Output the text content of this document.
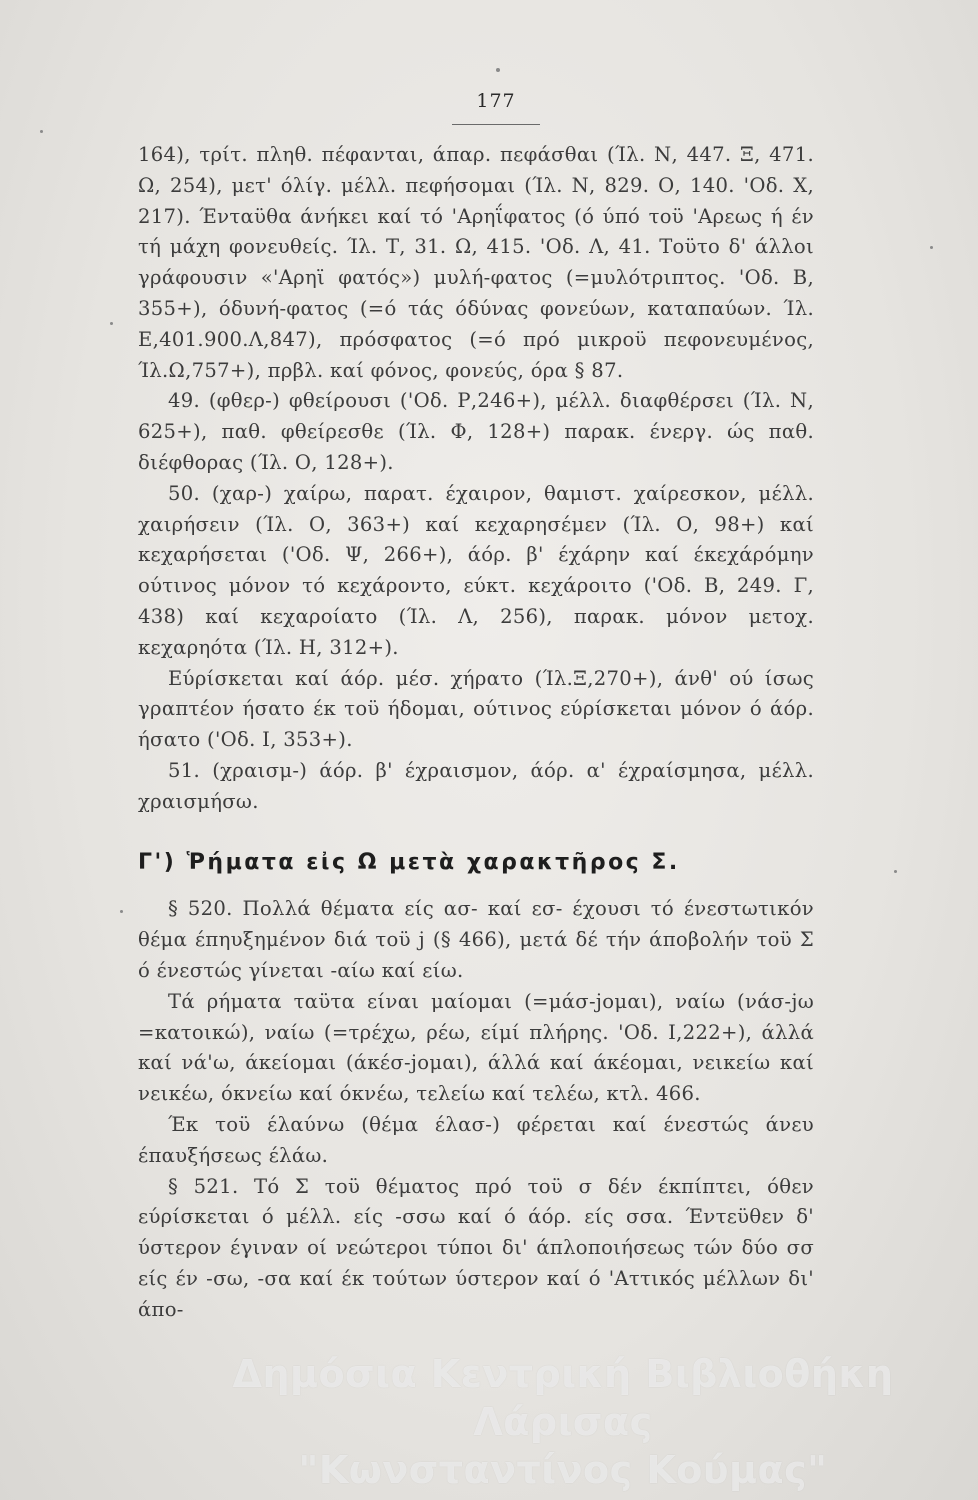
177

164), τρίτ. πληθ. πέφανται, άπαρ. πεφάσθαι (Ίλ. Ν, 447. Ξ, 471. Ω, 254), μετ' όλίγ. μέλλ. πεφήσομαι (Ίλ. Ν, 829. Ο, 140. 'Οδ. Χ, 217). Ένταϋθα άνήκει καί τό 'Αρηΐφατος (ό ύπό τοϋ 'Αρεως ή έν τή μάχη φονευθείς. Ίλ. Τ, 31. Ω, 415. 'Οδ. Λ, 41. Τοϋτο δ' άλλοι γράφουσιν «'Αρηϊ φατός») μυλή-φατος (=μυλότριπτος. 'Οδ. Β, 355+), όδυνή-φατος (=ό τάς όδύνας φονεύων, καταπαύων. Ίλ. Ε,401.900.Λ,847), πρόσφατος (=ό πρό μικροϋ πεφονευμένος, Ίλ.Ω,757+), πρβλ. καί φόνος, φονεύς, όρα § 87.

49. (φθερ-) φθείρουσι ('Οδ. Ρ,246+), μέλλ. διαφθέρσει (Ίλ. Ν, 625+), παθ. φθείρεσθε (Ίλ. Φ, 128+) παρακ. ένεργ. ώς παθ. διέφθορας (Ίλ. Ο, 128+).

50. (χαρ-) χαίρω, παρατ. έχαιρον, θαμιστ. χαίρεσκον, μέλλ. χαιρήσειν (Ίλ. Ο, 363+) καί κεχαρησέμεν (Ίλ. Ο, 98+) καί κεχαρήσεται ('Οδ. Ψ, 266+), άόρ. β' έχάρην καί έκεχάρόμην ούτινος μόνον τό κεχάροντο, εύκτ. κεχάροιτο ('Οδ. Β, 249. Γ, 438) καί κεχαροίατο (Ίλ. Λ, 256), παρακ. μόνον μετοχ. κεχαρηότα (Ίλ. Η, 312+).

Εύρίσκεται καί άόρ. μέσ. χήρατο (Ίλ.Ξ,270+), άνθ' ού ίσως γραπτέον ήσατο έκ τοϋ ήδομαι, ούτινος εύρίσκεται μόνον ό άόρ. ήσατο ('Οδ. Ι, 353+).

51. (χραισμ-) άόρ. β' έχραισμον, άόρ. α' έχραίσμησα, μέλλ. χραισμήσω.

Γ') Ῥήματα εἰς Ω μετὰ χαρακτῆρος Σ.

§ 520. Πολλά θέματα είς ασ- καί εσ- έχουσι τό ένεστωτικόν θέμα έπηυξημένον διά τοϋ j (§ 466), μετά δέ τήν άποβολήν τοϋ Σ ό ένεστώς γίνεται -αίω καί είω.

Τά ρήματα ταϋτα είναι μαίομαι (=μάσ-jομαι), ναίω (νάσ-jω =κατοικώ), ναίω (=τρέχω, ρέω, είμί πλήρης. 'Οδ. Ι,222+), άλλά καί νά'ω, άκείομαι (άκέσ-jομαι), άλλά καί άκέομαι, νεικείω καί νεικέω, όκνείω καί όκνέω, τελείω καί τελέω, κτλ. 466.

Έκ τοϋ έλαύνω (θέμα έλασ-) φέρεται καί ένεστώς άνευ έπαυξήσεως έλάω.

§ 521. Τό Σ τοϋ θέματος πρό τοϋ σ δέν έκπίπτει, όθεν εύρίσκεται ό μέλλ. είς -σσω καί ό άόρ. είς σσα. Έντεϋθεν δ' ύστερον έγιναν οί νεώτεροι τύποι δι' άπλοποιήσεως τών δύο σσ είς έν -σω, -σα καί έκ τούτων ύστερον καί ό 'Αττικός μέλλων δι' άπο-

Δημόσια Κεντρική Βιβλιοθήκη Λάρισας
"Κωνσταντίνος Κούμας"
